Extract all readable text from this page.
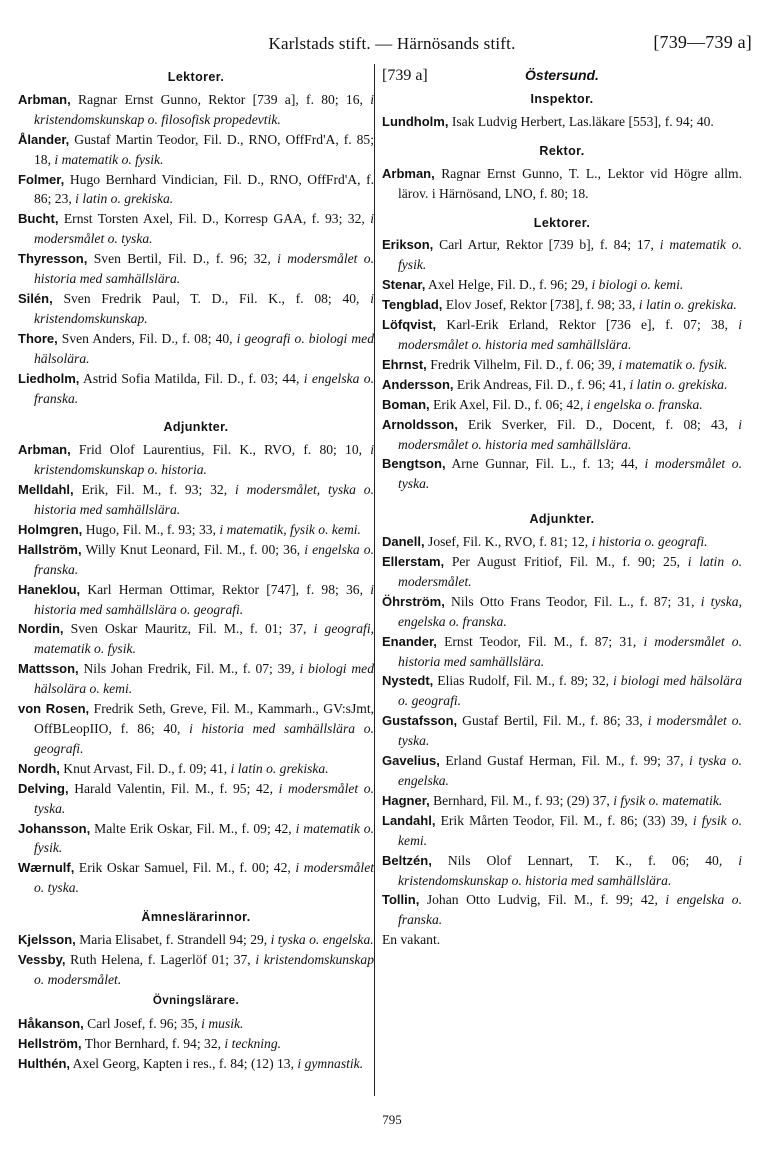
Karlstads stift. — Härnösands stift.	[739—739 a]
Lektorer.
Arbman, Ragnar Ernst Gunno, Rektor [739 a], f. 80; 16, i kristendomskunskap o. filosofisk propedevtik.
Ålander, Gustaf Martin Teodor, Fil. D., RNO, OffFrd'A, f. 85; 18, i matematik o. fysik.
Folmer, Hugo Bernhard Vindician, Fil. D., RNO, OffFrd'A, f. 86; 23, i latin o. grekiska.
Bucht, Ernst Torsten Axel, Fil. D., Korresp GAA, f. 93; 32, i modersmålet o. tyska.
Thyresson, Sven Bertil, Fil. D., f. 96; 32, i modersmålet o. historia med samhällslära.
Silén, Sven Fredrik Paul, T. D., Fil. K., f. 08; 40, i kristendomskunskap.
Thore, Sven Anders, Fil. D., f. 08; 40, i geografi o. biologi med hälsolära.
Liedholm, Astrid Sofia Matilda, Fil. D., f. 03; 44, i engelska o. franska.
Adjunkter.
Arbman, Frid Olof Laurentius, Fil. K., RVO, f. 80; 10, i kristendomskunskap o. historia.
Melldahl, Erik, Fil. M., f. 93; 32, i modersmålet, tyska o. historia med samhällslära.
Holmgren, Hugo, Fil. M., f. 93; 33, i matematik, fysik o. kemi.
Hallström, Willy Knut Leonard, Fil. M., f. 00; 36, i engelska o. franska.
Haneklou, Karl Herman Ottimar, Rektor [747], f. 98; 36, i historia med samhällslära o. geografi.
Nordin, Sven Oskar Mauritz, Fil. M., f. 01; 37, i geografi, matematik o. fysik.
Mattsson, Nils Johan Fredrik, Fil. M., f. 07; 39, i biologi med hälsolära o. kemi.
von Rosen, Fredrik Seth, Greve, Fil. M., Kammarh., GV:sJmt, OffBLeopIIO, f. 86; 40, i historia med samhällslära o. geografi.
Nordh, Knut Arvast, Fil. D., f. 09; 41, i latin o. grekiska.
Delving, Harald Valentin, Fil. M., f. 95; 42, i modersmålet o. tyska.
Johansson, Malte Erik Oskar, Fil. M., f. 09; 42, i matematik o. fysik.
Wærnulf, Erik Oskar Samuel, Fil. M., f. 00; 42, i modersmålet o. tyska.
Ämneslärarinnor.
Kjelsson, Maria Elisabet, f. Strandell 94; 29, i tyska o. engelska.
Vessby, Ruth Helena, f. Lagerlöf 01; 37, i kristendomskunskap o. modersmålet.
Övningslärare.
Håkanson, Carl Josef, f. 96; 35, i musik.
Hellström, Thor Bernhard, f. 94; 32, i teckning.
Hulthén, Axel Georg, Kapten i res., f. 84; (12) 13, i gymnastik.
[739 a]	Östersund.
Inspektor.
Lundholm, Isak Ludvig Herbert, Las.läkare [553], f. 94; 40.
Rektor.
Arbman, Ragnar Ernst Gunno, T. L., Lektor vid Högre allm. lärov. i Härnösand, LNO, f. 80; 18.
Lektorer.
Erikson, Carl Artur, Rektor [739 b], f. 84; 17, i matematik o. fysik.
Stenar, Axel Helge, Fil. D., f. 96; 29, i biologi o. kemi.
Tengblad, Elov Josef, Rektor [738], f. 98; 33, i latin o. grekiska.
Löfqvist, Karl-Erik Erland, Rektor [736 e], f. 07; 38, i modersmålet o. historia med samhällslära.
Ehrnst, Fredrik Vilhelm, Fil. D., f. 06; 39, i matematik o. fysik.
Andersson, Erik Andreas, Fil. D., f. 96; 41, i latin o. grekiska.
Boman, Erik Axel, Fil. D., f. 06; 42, i engelska o. franska.
Arnoldsson, Erik Sverker, Fil. D., Docent, f. 08; 43, i modersmålet o. historia med samhällslära.
Bengtson, Arne Gunnar, Fil. L., f. 13; 44, i modersmålet o. tyska.
Adjunkter.
Danell, Josef, Fil. K., RVO, f. 81; 12, i historia o. geografi.
Ellerstam, Per August Fritiof, Fil. M., f. 90; 25, i latin o. modersmålet.
Öhrström, Nils Otto Frans Teodor, Fil. L., f. 87; 31, i tyska, engelska o. franska.
Enander, Ernst Teodor, Fil. M., f. 87; 31, i modersmålet o. historia med samhällslära.
Nystedt, Elias Rudolf, Fil. M., f. 89; 32, i biologi med hälsolära o. geografi.
Gustafsson, Gustaf Bertil, Fil. M., f. 86; 33, i modersmålet o. tyska.
Gavelius, Erland Gustaf Herman, Fil. M., f. 99; 37, i tyska o. engelska.
Hagner, Bernhard, Fil. M., f. 93; (29) 37, i fysik o. matematik.
Landahl, Erik Mårten Teodor, Fil. M., f. 86; (33) 39, i fysik o. kemi.
Beltzén, Nils Olof Lennart, T. K., f. 06; 40, i kristendomskunskap o. historia med samhällslära.
Tollin, Johan Otto Ludvig, Fil. M., f. 99; 42, i engelska o. franska.
En vakant.
795
